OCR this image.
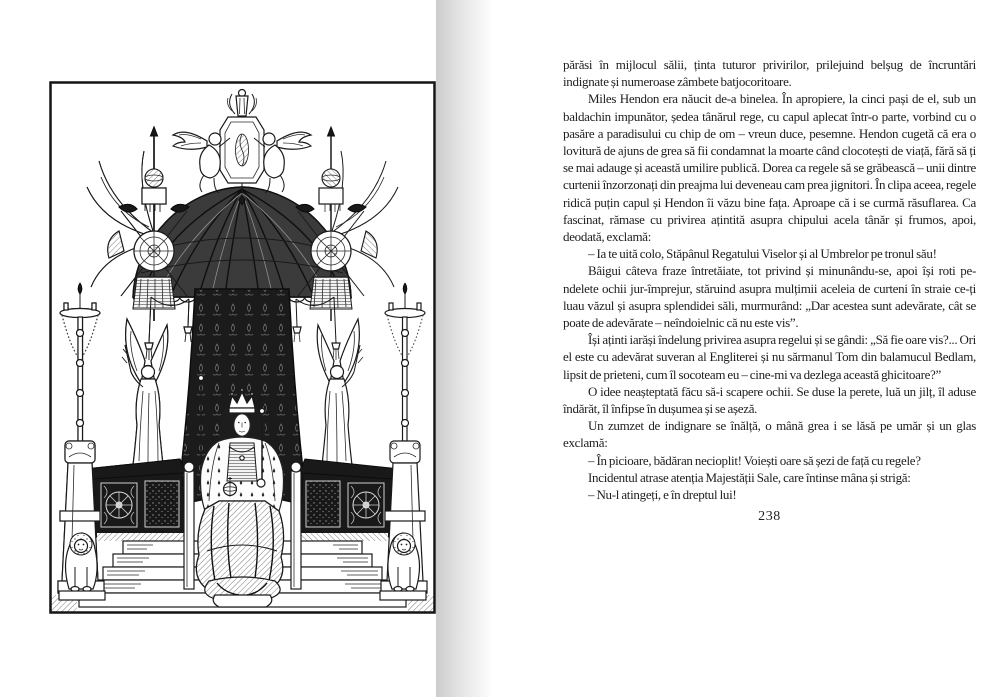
părăsi în mijlocul sălii, ținta tuturor privirilor, prilejuind belșug de încruntări indignate și numeroase zâmbete batjocoritoare.

Miles Hendon era năucit de-a binelea. În apropiere, la cinci pași de el, sub un baldachin impunător, ședea tânărul rege, cu capul aplecat într-o parte, vorbind cu o pasăre a paradisului cu chip de om – vreun duce, pesemne. Hendon cugetă că era o lovitură de ajuns de grea să fii condamnat la moarte când clocotești de viață, fără să ți se mai adauge și această umilire publică. Dorea ca regele să se grăbească – unii dintre curtenii înzorzonați din preajma lui deveneau cam prea jignitori. În clipa aceea, regele ridică puțin capul și Hendon îi văzu bine fața. Aproape că i se curmă răsuflarea. Ca fascinat, rămase cu privirea ațintită asupra chipului acela tânăr și frumos, apoi, deodată, exclamă:

– Ia te uită colo, Stăpânul Regatului Viselor și al Umbrelor pe tronul său!

Bâigui câteva fraze întretăiate, tot privind și minunându-se, apoi își roti pe-ndelete ochii jur-împrejur, stăruind asupra mulțimii aceleia de curteni în straie ce-ți luau văzul și asupra splendidei săli, murmurând: „Dar acestea sunt adevărate, cât se poate de adevărate – neîndoielnic că nu este vis”.

Își aținti iarăși îndelung privirea asupra regelui și se gândi: „Să fie oare vis?... Ori el este cu adevărat suveran al Engliterei și nu sărmanul Tom din balamucul Bedlam, lipsit de prieteni, cum îl socoteam eu – cine-mi va dezlega această ghicitoare?”

O idee neașteptată făcu să-i scapere ochii. Se duse la perete, luă un jilț, îl aduse îndărăt, îl înfipse în dușumea și se așeză.

Un zumzet de indignare se înălță, o mână grea i se lăsă pe umăr și un glas exclamă:

– În picioare, bădăran necioplit! Voiești oare să șezi de față cu regele?

Incidentul atrase atenția Majestății Sale, care întinse mâna și strigă:

– Nu-l atingeți, e în dreptul lui!

238
